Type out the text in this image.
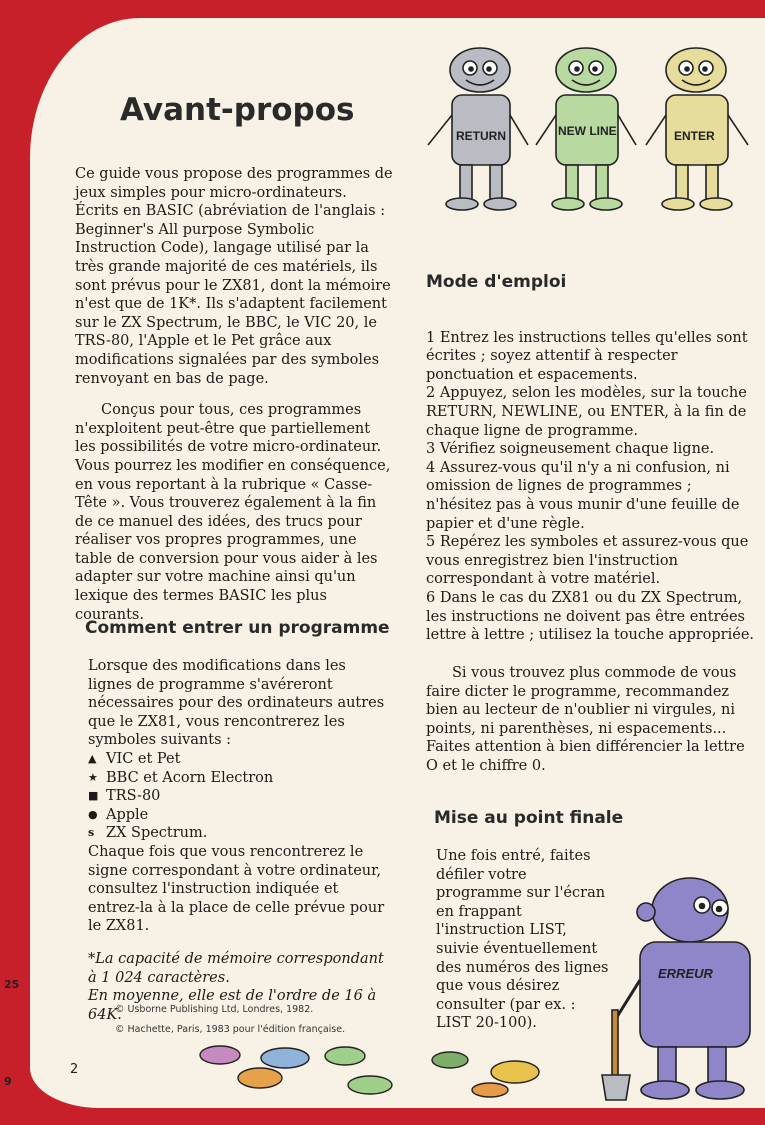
25
9
Avant-propos
RETURN	NEW LINE	ENTER

Ce guide vous propose des programmes de jeux simples pour micro-ordinateurs. Écrits en BASIC (abréviation de l'anglais : Beginner's All purpose Symbolic Instruction Code), langage utilisé par la très grande majorité de ces matériels, ils sont prévus pour le ZX81, dont la mémoire n'est que de 1K*. Ils s'adaptent facilement sur le ZX Spectrum, le BBC, le VIC 20, le TRS-80, l'Apple et le Pet grâce aux modifications signalées par des symboles renvoyant en bas de page.

Conçus pour tous, ces programmes n'exploitent peut-être que partiellement les possibilités de votre micro-ordinateur. Vous pourrez les modifier en conséquence, en vous reportant à la rubrique « Casse-Tête ». Vous trouverez également à la fin de ce manuel des idées, des trucs pour réaliser vos propres programmes, une table de conversion pour vous aider à les adapter sur votre machine ainsi qu'un lexique des termes BASIC les plus courants.

Comment entrer un programme

Lorsque des modifications dans les lignes de programme s'avéreront nécessaires pour des ordinateurs autres que le ZX81, vous rencontrerez les symboles suivants :

▲ VIC et Pet
★ BBC et Acorn Electron
■ TRS-80
● Apple
s ZX Spectrum.

Chaque fois que vous rencontrerez le signe correspondant à votre ordinateur, consultez l'instruction indiquée et entrez-la à la place de celle prévue pour le ZX81.

*La capacité de mémoire correspondant à 1 024 caractères.

En moyenne, elle est de l'ordre de 16 à 64K.

© Usborne Publishing Ltd, Londres, 1982.
© Hachette, Paris, 1983 pour l'édition française.
2
Mode d'emploi

1 Entrez les instructions telles qu'elles sont écrites ; soyez attentif à respecter ponctuation et espacements.
2 Appuyez, selon les modèles, sur la touche RETURN, NEWLINE, ou ENTER, à la fin de chaque ligne de programme.
3 Vérifiez soigneusement chaque ligne.
4 Assurez-vous qu'il n'y a ni confusion, ni omission de lignes de programmes ; n'hésitez pas à vous munir d'une feuille de papier et d'une règle.
5 Repérez les symboles et assurez-vous que vous enregistrez bien l'instruction correspondant à votre matériel.
6 Dans le cas du ZX81 ou du ZX Spectrum, les instructions ne doivent pas être entrées lettre à lettre ; utilisez la touche appropriée.

Si vous trouvez plus commode de vous faire dicter le programme, recommandez bien au lecteur de n'oublier ni virgules, ni points, ni parenthèses, ni espacements... Faites attention à bien différencier la lettre O et le chiffre 0.

Mise au point finale

Une fois entré, faites défiler votre programme sur l'écran en frappant l'instruction LIST, suivie éventuellement des numéros des lignes que vous désirez consulter (par ex. : LIST 20-100).

ERREUR
